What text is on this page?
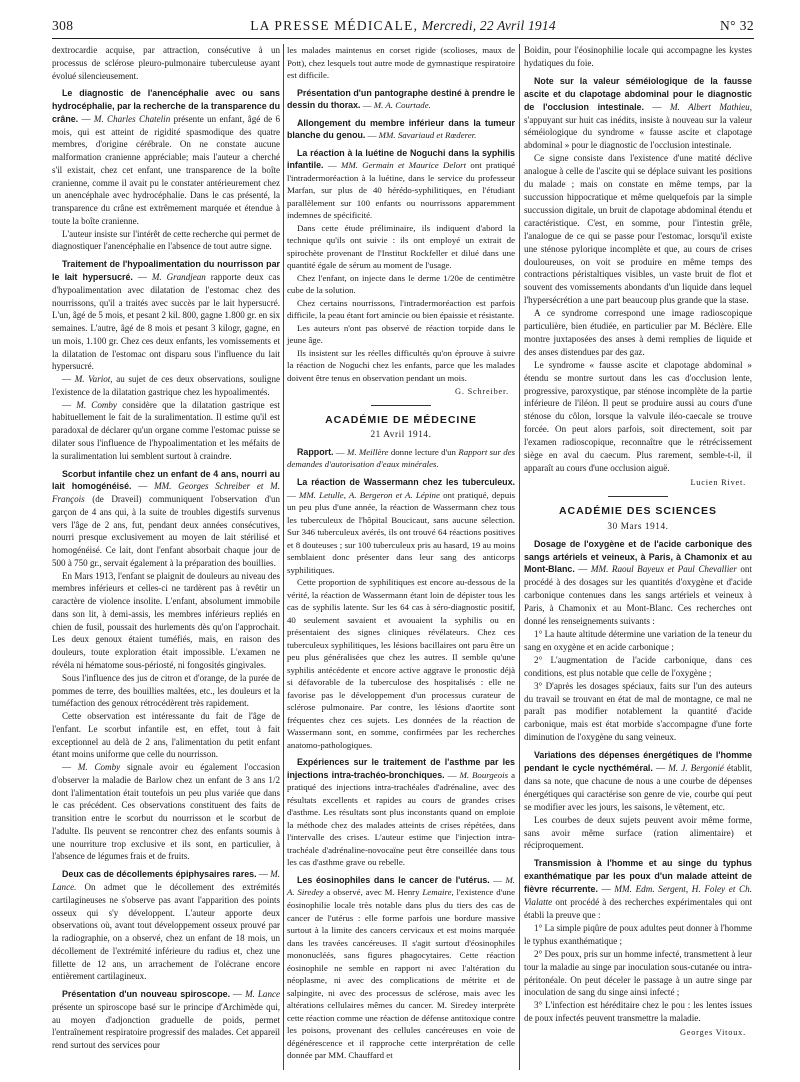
308	LA PRESSE MÉDICALE, Mercredi, 22 Avril 1914	N° 32

dextrocardie acquise, par attraction, consécutive à un processus de sclérose pleuro-pulmonaire tuberculeuse ayant évolué silencieusement.

Le diagnostic de l'anencéphalie avec ou sans hydrocéphalie, par la recherche de la transparence du crâne. — M. Charles Chatelin présente un enfant, âgé de 6 mois, qui est atteint de rigidité spasmodique des quatre membres, d'origine cérébrale. On ne constate aucune malformation cranienne appréciable; mais l'auteur a cherché s'il existait, chez cet enfant, une transparence de la boîte cranienne, comme il avait pu le constater antérieurement chez un anencéphale avec hydrocéphalie. Dans le cas présenté, la transparence du crâne est extrêmement marquée et étendue à toute la boîte cranienne.

L'auteur insiste sur l'intérêt de cette recherche qui permet de diagnostiquer l'anencéphalie en l'absence de tout autre signe.

Traitement de l'hypoalimentation du nourrisson par le lait hypersucré. — M. Grandjean rapporte deux cas d'hypoalimentation avec dilatation de l'estomac chez des nourrissons, qu'il a traités avec succès par le lait hypersucré. L'un, âgé de 5 mois, et pesant 2 kil. 800, gagne 1.800 gr. en six semaines. L'autre, âgé de 8 mois et pesant 3 kilogr, gagne, en un mois, 1.100 gr. Chez ces deux enfants, les vomissements et la dilatation de l'estomac ont disparu sous l'influence du lait hypersucré.

— M. Variot, au sujet de ces deux observations, souligne l'existence de la dilatation gastrique chez les hypoalimentés.

— M. Comby considère que la dilatation gastrique est habituellement le fait de la suralimentation. Il estime qu'il est paradoxal de déclarer qu'un organe comme l'estomac puisse se dilater sous l'influence de l'hypoalimentation et les méfaits de la suralimentation lui semblent surtout à craindre.

Scorbut infantile chez un enfant de 4 ans, nourri au lait homogénéisé. — MM. Georges Schreiber et M. François (de Draveil) communiquent l'observation d'un garçon de 4 ans qui, à la suite de troubles digestifs survenus vers l'âge de 2 ans, fut, pendant deux années consécutives, nourri presque exclusivement au moyen de lait stérilisé et homogénéisé. Ce lait, dont l'enfant absorbait chaque jour de 500 à 750 gr., servait également à la préparation des bouillies.

En Mars 1913, l'enfant se plaignit de douleurs au niveau des membres inférieurs et celles-ci ne tardèrent pas à revêtir un caractère de violence insolite. L'enfant, absolument immobile dans son lit, à demi-assis, les membres inférieurs repliés en chien de fusil, poussait des hurlements dès qu'on l'approchait. Les deux genoux étaient tuméfiés, mais, en raison des douleurs, toute exploration était impossible. L'examen ne révéla ni hématome sous-périosté, ni fongosités gingivales.

Sous l'influence des jus de citron et d'orange, de la purée de pommes de terre, des bouillies maltées, etc., les douleurs et la tuméfaction des genoux rétrocédèrent très rapidement.

Cette observation est intéressante du fait de l'âge de l'enfant. Le scorbut infantile est, en effet, tout à fait exceptionnel au delà de 2 ans, l'alimentation du petit enfant étant moins uniforme que celle du nourrisson.

— M. Comby signale avoir eu également l'occasion d'observer la maladie de Barlow chez un enfant de 3 ans 1/2 dont l'alimentation était toutefois un peu plus variée que dans le cas précédent. Ces observations constituent des faits de transition entre le scorbut du nourrisson et le scorbut de l'adulte. Ils peuvent se rencontrer chez des enfants soumis à une nourriture trop exclusive et ils sont, en particulier, à l'absence de légumes frais et de fruits.

Deux cas de décollements épiphysaires rares. — M. Lance. On admet que le décollement des extrémités cartilagineuses ne s'observe pas avant l'apparition des points osseux qui s'y développent. L'auteur apporte deux observations où, avant tout développement osseux prouvé par la radiographie, on a observé, chez un enfant de 18 mois, un décollement de l'extrémité inférieure du radius et, chez une fillette de 12 ans, un arrachement de l'olécrane encore entièrement cartilagineux.

Présentation d'un nouveau spiroscope. — M. Lance présente un spiroscope basé sur le principe d'Archimède qui, au moyen d'adjonction graduelle de poids, permet l'entraînement respiratoire progressif des malades. Cet appareil rend surtout des services pour

les malades maintenus en corset rigide (scolioses, maux de Pott), chez lesquels tout autre mode de gymnastique respiratoire est difficile.

Présentation d'un pantographe destiné à prendre le dessin du thorax. — M. A. Courtade.

Allongement du membre inférieur dans la tumeur blanche du genou. — MM. Savariaud et Rœderer.

La réaction à la luétine de Noguchi dans la syphilis infantile. — MM. Germain et Maurice Delort ont pratiqué l'intradermoréaction à la luétine, dans le service du professeur Marfan, sur plus de 40 hérédo-syphilitiques, en l'étudiant parallèlement sur 100 enfants ou nourrissons apparemment indemnes de spécificité.

Dans cette étude préliminaire, ils indiquent d'abord la technique qu'ils ont suivie : ils ont employé un extrait de spirochète provenant de l'Institut Rockfeller et dilué dans une quantité égale de sérum au moment de l'usage.

Chez l'enfant, on injecte dans le derme 1/20e de centimètre cube de la solution.

Chez certains nourrissons, l'intradermoréaction est parfois difficile, la peau étant fort amincie ou bien épaissie et résistante.

Les auteurs n'ont pas observé de réaction torpide dans le jeune âge.

Ils insistent sur les réelles difficultés qu'on éprouve à suivre la réaction de Noguchi chez les enfants, parce que les malades doivent être tenus en observation pendant un mois.

G. Schreiber.
ACADÉMIE DE MÉDECINE
21 Avril 1914.

Rapport. — M. Meillère donne lecture d'un Rapport sur des demandes d'autorisation d'eaux minérales.

La réaction de Wassermann chez les tuberculeux. — MM. Letulle, A. Bergeron et A. Lépine ont pratiqué, depuis un peu plus d'une année, la réaction de Wassermann chez tous les tuberculeux de l'hôpital Boucicaut, sans aucune sélection. Sur 346 tuberculeux avérés, ils ont trouvé 64 réactions positives et 8 douteuses ; sur 100 tuberculeux pris au hasard, 19 au moins semblaient donc présenter dans leur sang des anticorps syphilitiques.

Cette proportion de syphilitiques est encore au-dessous de la vérité, la réaction de Wassermann étant loin de dépister tous les cas de syphilis latente. Sur les 64 cas à séro-diagnostic positif, 40 seulement savaient et avouaient la syphilis ou en présentaient des signes cliniques révélateurs. Chez ces tuberculeux syphilitiques, les lésions bacillaires ont paru être un peu plus généralisées que chez les autres. Il semble qu'une syphilis antécédente et encore active aggrave le pronostic déjà si défavorable de la tuberculose des hospitalisés : elle ne favorise pas le développement d'un processus curateur de sclérose pulmonaire. Par contre, les lésions d'aortite sont fréquentes chez ces sujets. Les données de la réaction de Wassermann sont, en somme, confirmées par les recherches anatomo-pathologiques.

Expériences sur le traitement de l'asthme par les injections intra-trachéo-bronchiques. — M. Bourgeois a pratiqué des injections intra-trachéales d'adrénaline, avec des résultats excellents et rapides au cours de grandes crises d'asthme. Les résultats sont plus inconstants quand on emploie la méthode chez des malades atteints de crises répétées, dans l'intervalle des crises. L'auteur estime que l'injection intra-trachéale d'adrénaline-novocaïne peut être conseillée dans tous les cas d'asthme grave ou rebelle.

Les éosinophiles dans le cancer de l'utérus. — M. A. Siredey a observé, avec M. Henry Lemaire, l'existence d'une éosinophilie locale très notable dans plus du tiers des cas de cancer de l'utérus : elle forme parfois une bordure massive surtout à la limite des cancers cervicaux et est moins marquée dans les travées cancéreuses. Il s'agit surtout d'éosinophiles mononucléés, sans figures phagocytaires. Cette réaction éosinophile ne semble en rapport ni avec l'altération du néoplasme, ni avec des complications de métrite et de salpingite, ni avec des processus de sclérose, mais avec les altérations cellulaires mêmes du cancer. M. Siredey interprète cette réaction comme une réaction de défense antitoxique contre les poisons, provenant des cellules cancéreuses en voie de dégénérescence et il rapproche cette interprétation de celle donnée par MM. Chauffard et

Boidin, pour l'éosinophilie locale qui accompagne les kystes hydatiques du foie.

Note sur la valeur séméiologique de la fausse ascite et du clapotage abdominal pour le diagnostic de l'occlusion intestinale. — M. Albert Mathieu, s'appuyant sur huit cas inédits, insiste à nouveau sur la valeur séméiologique du syndrome « fausse ascite et clapotage abdominal » pour le diagnostic de l'occlusion intestinale.

Ce signe consiste dans l'existence d'une matité déclive analogue à celle de l'ascite qui se déplace suivant les positions du malade ; mais on constate en même temps, par la succussion hippocratique et même quelquefois par la simple succussion digitale, un bruit de clapotage abdominal étendu et caractéristique. C'est, en somme, pour l'intestin grêle, l'analogue de ce qui se passe pour l'estomac, lorsqu'il existe une sténose pylorique incomplète et que, au cours de crises douloureuses, on voit se produire en même temps des contractions péristaltiques visibles, un vaste bruit de flot et souvent des vomissements abondants d'un liquide dans lequel l'hypersécrétion a une part beaucoup plus grande que la stase.

A ce syndrome correspond une image radioscopique particulière, bien étudiée, en particulier par M. Béclère. Elle montre juxtaposées des anses à demi remplies de liquide et des anses distendues par des gaz.

Le syndrome « fausse ascite et clapotage abdominal » étendu se montre surtout dans les cas d'occlusion lente, progressive, paroxystique, par sténose incomplète de la partie inférieure de l'iléon. Il peut se produire aussi au cours d'une sténose du côlon, lorsque la valvule iléo-caecale se trouve forcée. On peut alors parfois, soit directement, soit par l'examen radioscopique, reconnaître que le rétrécissement siège en aval du caecum. Plus rarement, semble-t-il, il apparaît au cours d'une occlusion aiguë.

Lucien Rivet.
ACADÉMIE DES SCIENCES
30 Mars 1914.

Dosage de l'oxygène et de l'acide carbonique des sangs artériels et veineux, à Paris, à Chamonix et au Mont-Blanc. — MM. Raoul Bayeux et Paul Chevallier ont procédé à des dosages sur les quantités d'oxygène et d'acide carbonique contenues dans les sangs artériels et veineux à Paris, à Chamonix et au Mont-Blanc. Ces recherches ont donné les renseignements suivants :

1° La haute altitude détermine une variation de la teneur du sang en oxygène et en acide carbonique ;

2° L'augmentation de l'acide carbonique, dans ces conditions, est plus notable que celle de l'oxygène ;

3° D'après les dosages spéciaux, faits sur l'un des auteurs du travail se trouvant en état de mal de montagne, ce mal ne paraît pas modifier notablement la quantité d'acide carbonique, mais est état morbide s'accompagne d'une forte diminution de l'oxygène du sang veineux.

Variations des dépenses énergétiques de l'homme pendant le cycle nycthéméral. — M. J. Bergonié établit, dans sa note, que chacune de nous a une courbe de dépenses énergétiques qui caractérise son genre de vie, courbe qui peut se modifier avec les jours, les saisons, le vêtement, etc.

Les courbes de deux sujets peuvent avoir même forme, sans avoir même surface (ration alimentaire) et réciproquement.

Transmission à l'homme et au singe du typhus exanthématique par les poux d'un malade atteint de fièvre récurrente. — MM. Edm. Sergent, H. Foley et Ch. Vialatte ont procédé à des recherches expérimentales qui ont établi la preuve que :

1° La simple piqûre de poux adultes peut donner à l'homme le typhus exanthématique ;

2° Des poux, pris sur un homme infecté, transmettent à leur tour la maladie au singe par inoculation sous-cutanée ou intra-péritonéale. On peut déceler le passage à un autre singe par inoculation de sang du singe ainsi infecté ;

3° L'infection est héréditaire chez le pou : les lentes issues de poux infectés peuvent transmettre la maladie.

Georges Vitoux.
